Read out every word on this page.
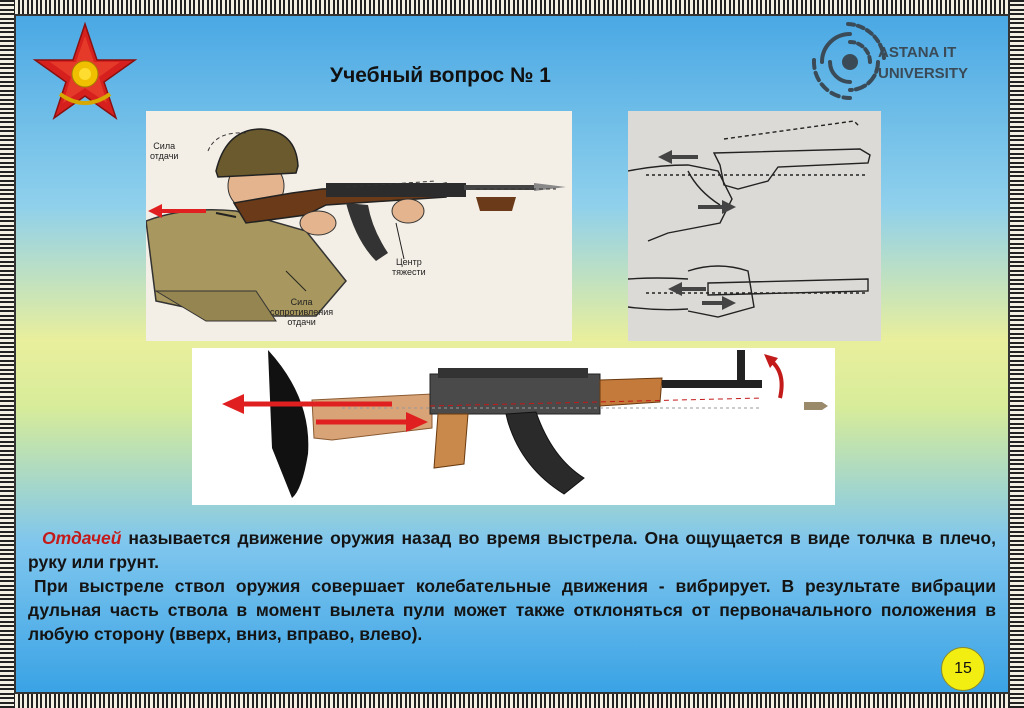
Учебный вопрос № 1
ASTANA IT
UNIVERSITY
Сила
отдачи
Центр
тяжести
Сила
сопротивления
отдачи

Отдачей называется движение оружия назад во время выстрела. Она ощущается в виде толчка в плечо, руку или грунт.

При выстреле ствол оружия совершает колебательные движения - вибрирует. В результате вибрации дульная часть ствола в момент вылета пули может также отклоняться от первоначального положения в любую сторону (вверх, вниз, вправо, влево).

15
